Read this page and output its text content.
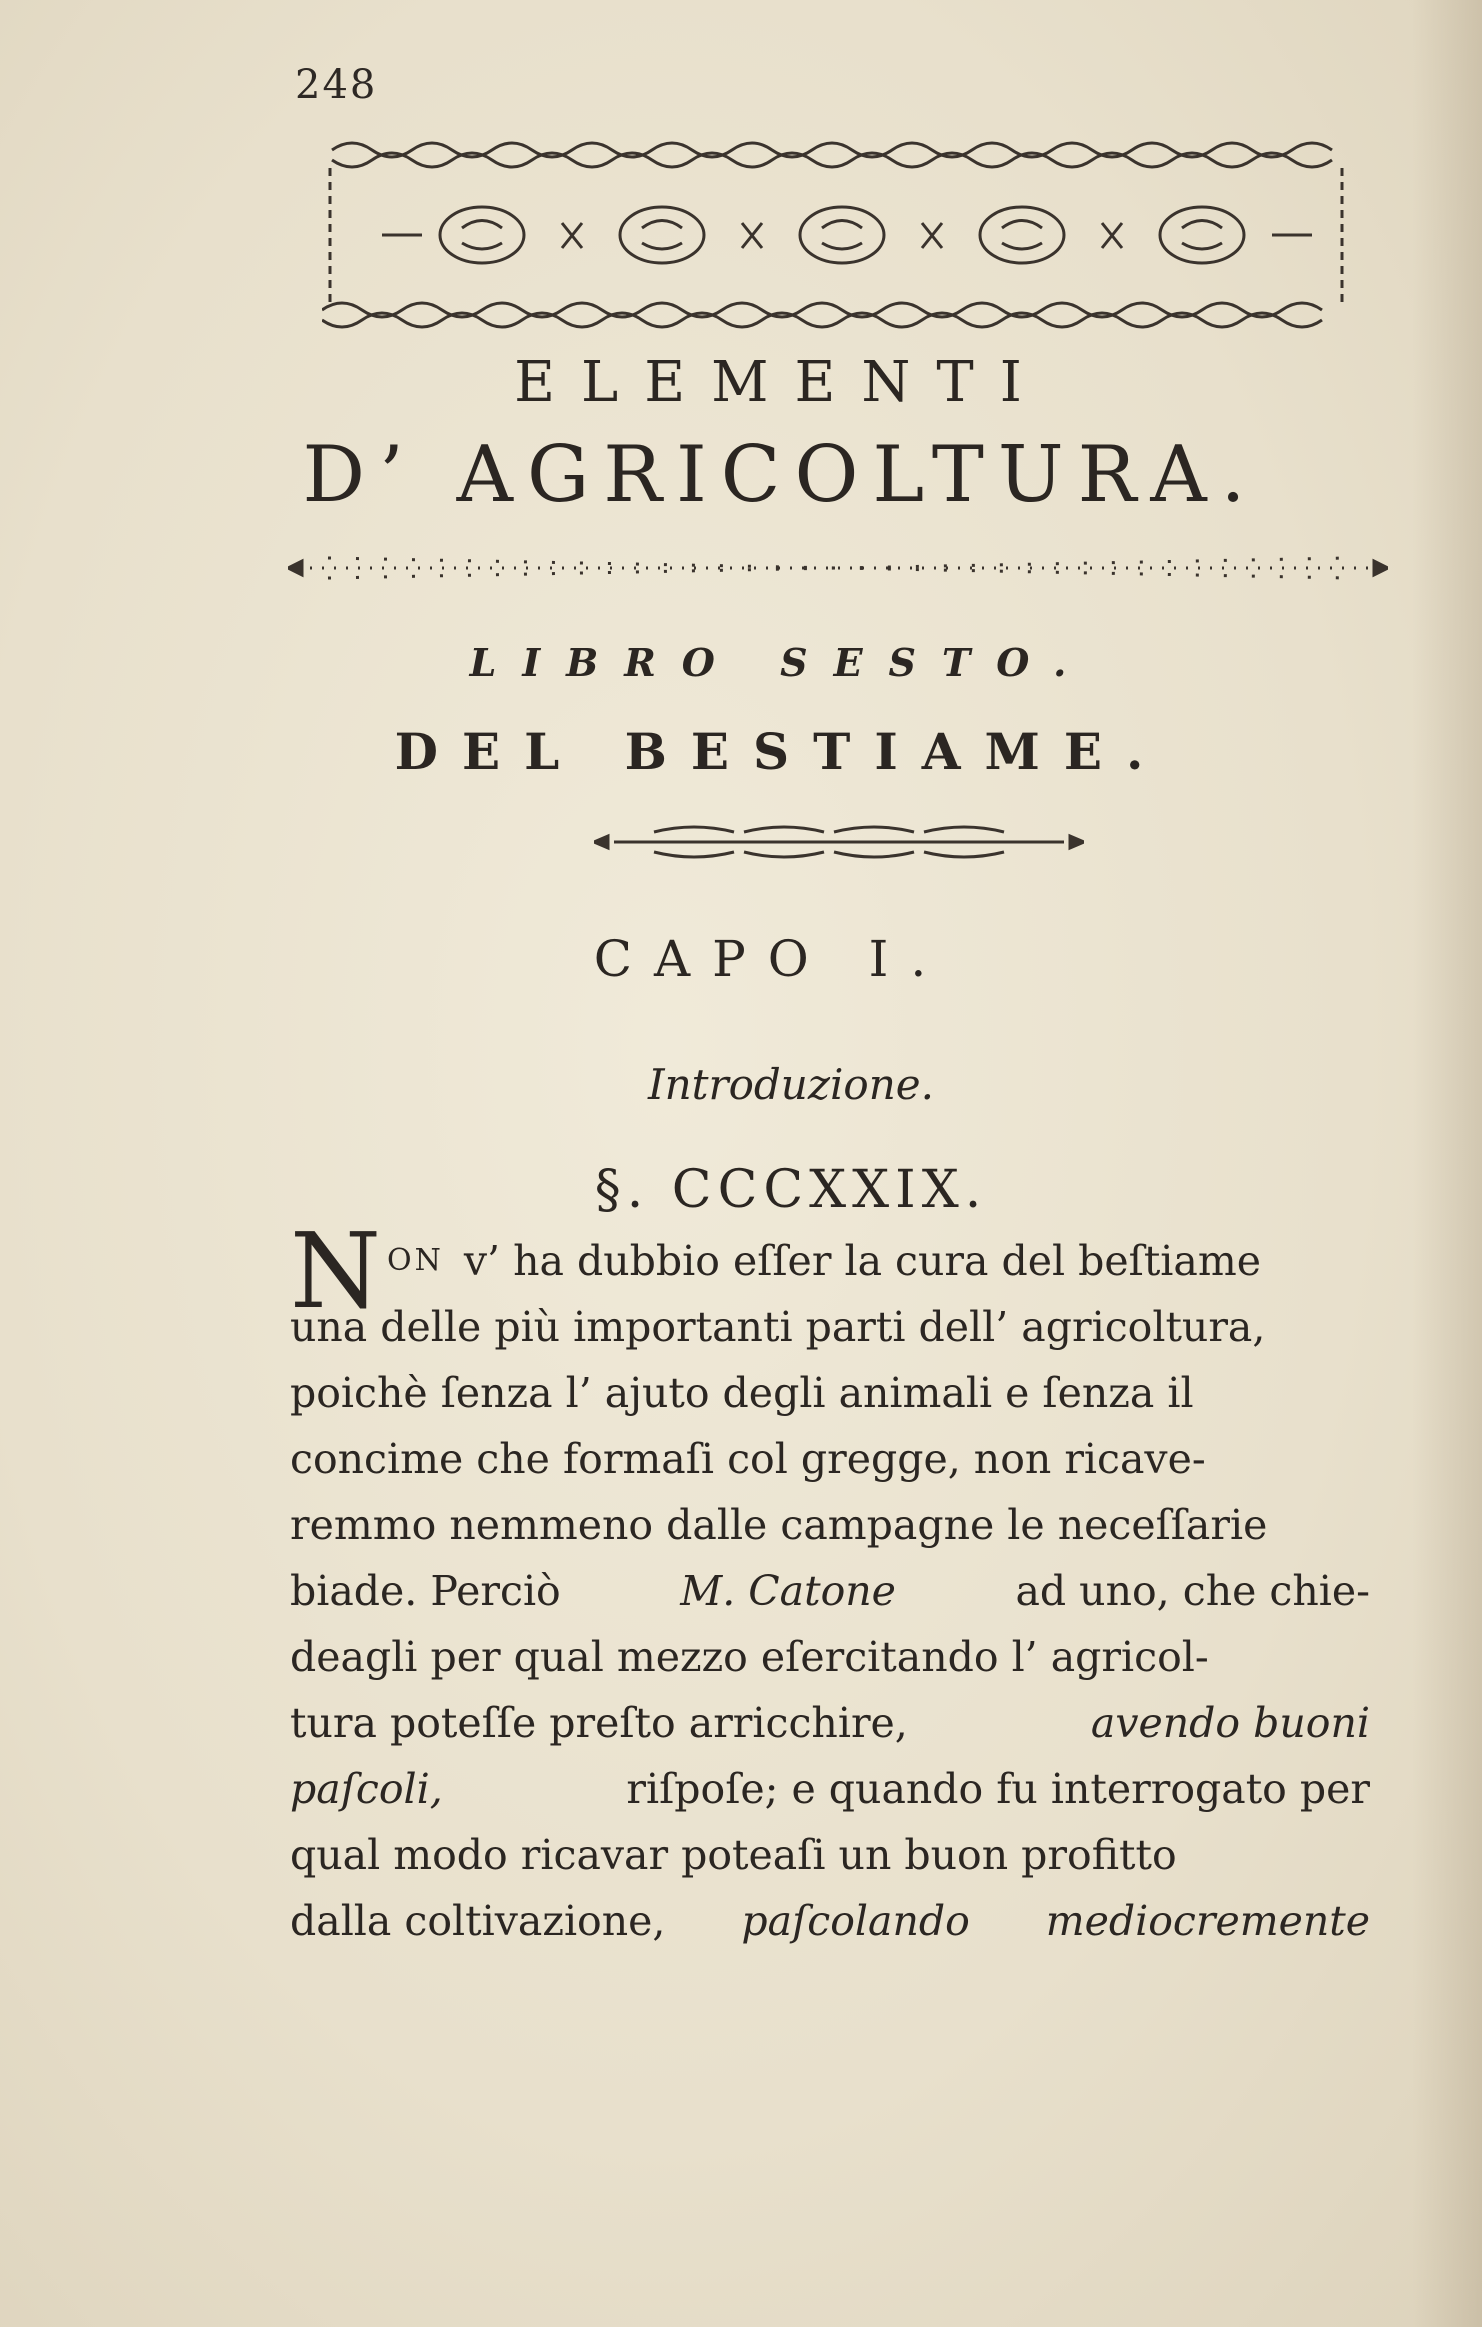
248
ELEMENTI
D’ AGRICOLTURA.
LIBRO SESTO.
DEL BESTIAME.
CAPO I.
Introduzione.
§. CCCXXIX.
N ON v’ ha dubbio eſſer la cura del beſtiame
una delle più importanti parti dell’ agricoltura,
poichè ſenza l’ ajuto degli animali e ſenza il
concime che formaſi col gregge, non ricave-
remmo nemmeno dalle campagne le neceſſarie
biade. Perciò	M. Catone	ad uno, che chie-
deagli per qual mezzo eſercitando l’ agricol-
tura poteſſe preſto arricchire,	avendo buoni
paſcoli,	riſpoſe; e quando fu interrogato per
qual modo ricavar poteaſi un buon profitto
dalla coltivazione, paſcolando mediocremente
